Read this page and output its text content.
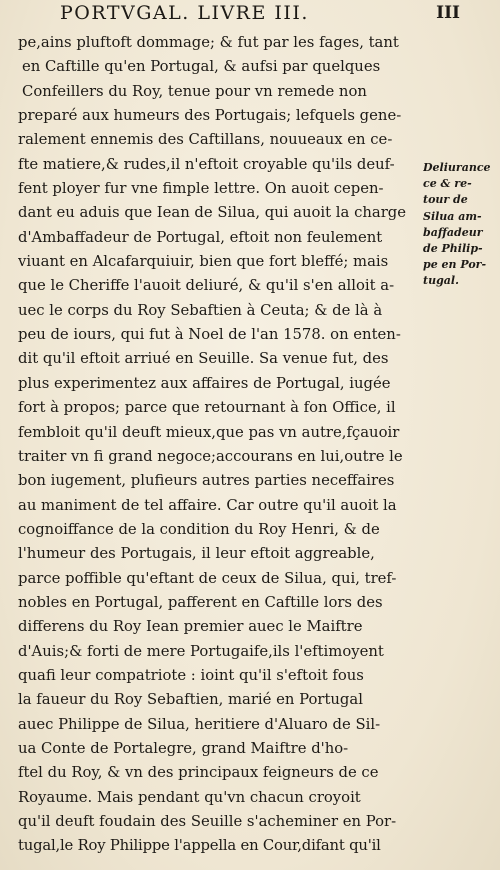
PORTVGAL. LIVRE III.	III
pe,ains pluftoft dommage; & fut par les fages, tant
en Caftille qu'en Portugal, & aufsi par quelques
Confeillers du Roy, tenue pour vn remede non
preparé aux humeurs des Portugais; lefquels gene-
ralement ennemis des Caftillans, nouueaux en ce-
fte matiere,& rudes,il n'eftoit croyable qu'ils deuf-
fent ployer fur vne fimple lettre. On auoit cepen-
dant eu aduis que Iean de Silua, qui auoit la charge
d'Ambaffadeur de Portugal, eftoit non feulement
viuant en Alcafarquiuir, bien que fort bleffé; mais
que le Cheriffe l'auoit deliuré, & qu'il s'en alloit a-
uec le corps du Roy Sebaftien à Ceuta; & de là à
peu de iours, qui fut à Noel de l'an 1578. on enten-
dit qu'il eftoit arriué en Seuille. Sa venue fut, des
plus experimentez aux affaires de Portugal, iugée
fort à propos; parce que retournant à fon Office, il
fembloit qu'il deuft mieux,que pas vn autre,fçauoir
traiter vn fi grand negoce;accourans en lui,outre le
bon iugement, plufieurs autres parties neceffaires
au maniment de tel affaire. Car outre qu'il auoit la
cognoiffance de la condition du Roy Henri, & de
l'humeur des Portugais, il leur eftoit aggreable,
parce poffible qu'eftant de ceux de Silua, qui, tref-
nobles en Portugal, pafferent en Caftille lors des
differens du Roy Iean premier auec le Maiftre
d'Auis;& forti de mere Portugaife,ils l'eftimoyent
quafi leur compatriote : ioint qu'il s'eftoit fous
la faueur du Roy Sebaftien, marié en Portugal
auec Philippe de Silua, heritiere d'Aluaro de Sil-
ua Conte de Portalegre, grand Maiftre d'ho-
ftel du Roy, & vn des principaux feigneurs de ce
Royaume. Mais pendant qu'vn chacun croyoit
qu'il deuft foudain des Seuille s'acheminer en Por-
tugal,le Roy Philippe l'appella en Cour,difant qu'il
Deliurance
ce & re-
tour de
Silua am-
baffadeur
de Philip-
pe en Por-
tugal.
